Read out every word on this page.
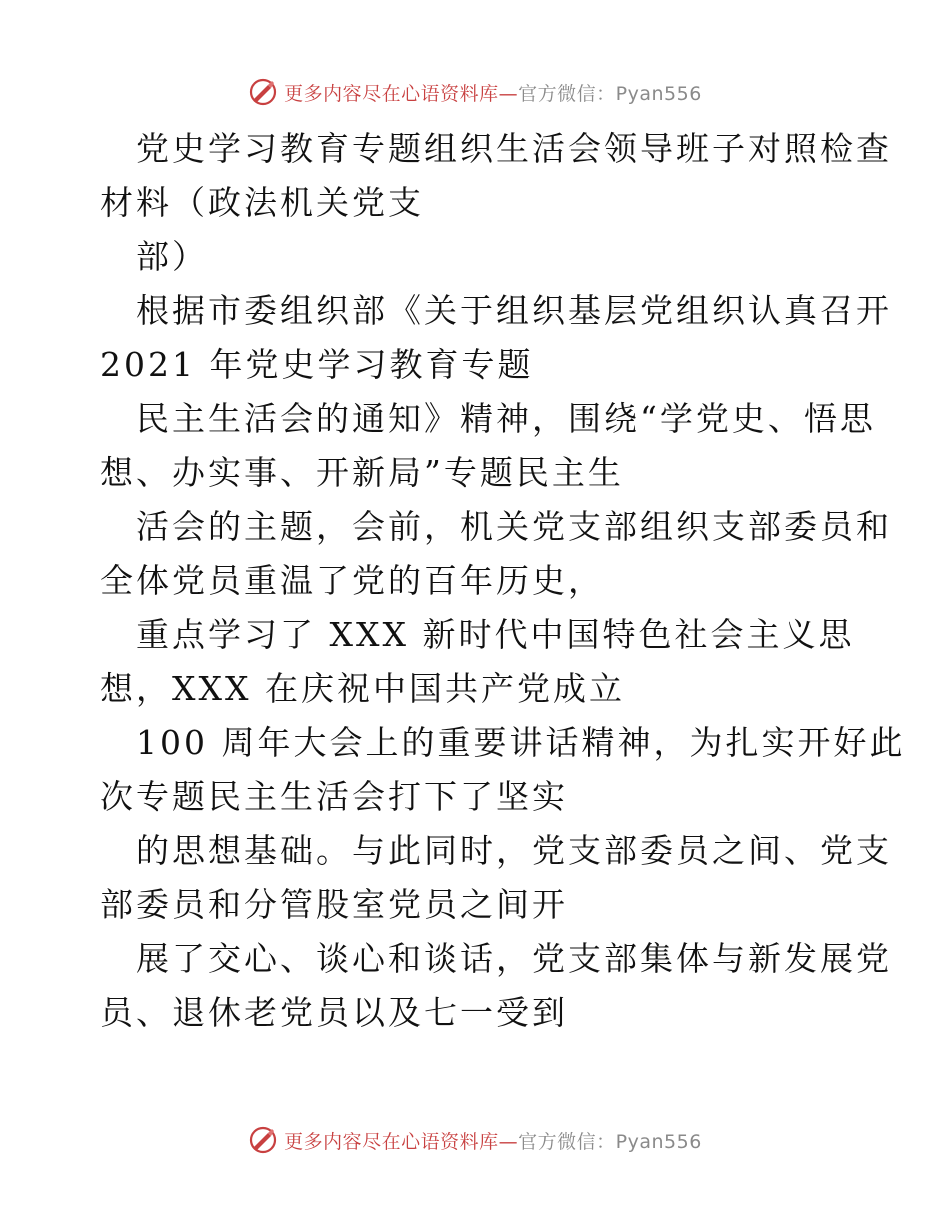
更多内容尽在心语资料库—官方微信：Pyan556
党史学习教育专题组织生活会领导班子对照检查
材料（政法机关党支
部）
根据市委组织部《关于组织基层党组织认真召开
2021 年党史学习教育专题
民主生活会的通知》精神，围绕“学党史、悟思
想、办实事、开新局”专题民主生
活会的主题，会前，机关党支部组织支部委员和
全体党员重温了党的百年历史，
重点学习了 XXX 新时代中国特色社会主义思
想，XXX 在庆祝中国共产党成立
100 周年大会上的重要讲话精神，为扎实开好此
次专题民主生活会打下了坚实
的思想基础。与此同时，党支部委员之间、党支
部委员和分管股室党员之间开
展了交心、谈心和谈话，党支部集体与新发展党
员、退休老党员以及七一受到
更多内容尽在心语资料库—官方微信：Pyan556
